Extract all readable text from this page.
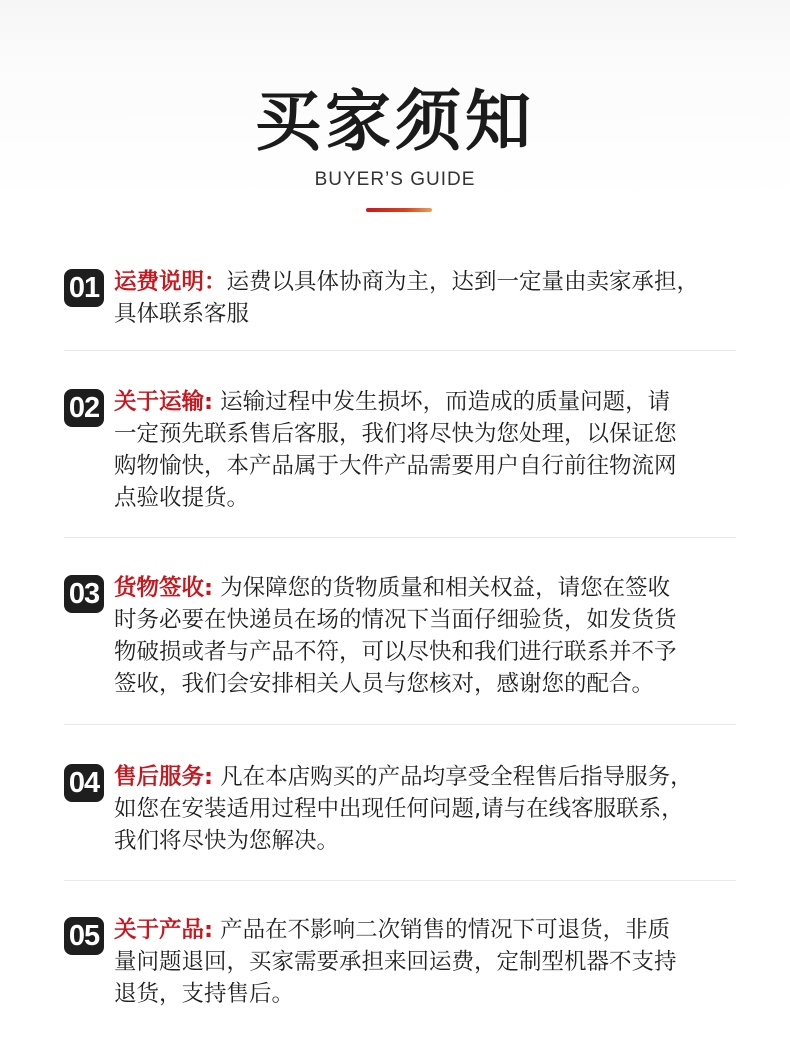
买家须知
BUYER’S GUIDE
01 运费说明：运费以具体协商为主，达到一定量由卖家承担，
具体联系客服
02 关于运输: 运输过程中发生损坏，而造成的质量问题，请
一定预先联系售后客服，我们将尽快为您处理，以保证您
购物愉快，本产品属于大件产品需要用户自行前往物流网
点验收提货。
03 货物签收: 为保障您的货物质量和相关权益，请您在签收
时务必要在快递员在场的情况下当面仔细验货，如发货货
物破损或者与产品不符，可以尽快和我们进行联系并不予
签收，我们会安排相关人员与您核对，感谢您的配合。
04 售后服务: 凡在本店购买的产品均享受全程售后指导服务，
如您在安装适用过程中出现任何问题,请与在线客服联系，
我们将尽快为您解决。
05 关于产品: 产品在不影响二次销售的情况下可退货，非质
量问题退回，买家需要承担来回运费，定制型机器不支持
退货，支持售后。
